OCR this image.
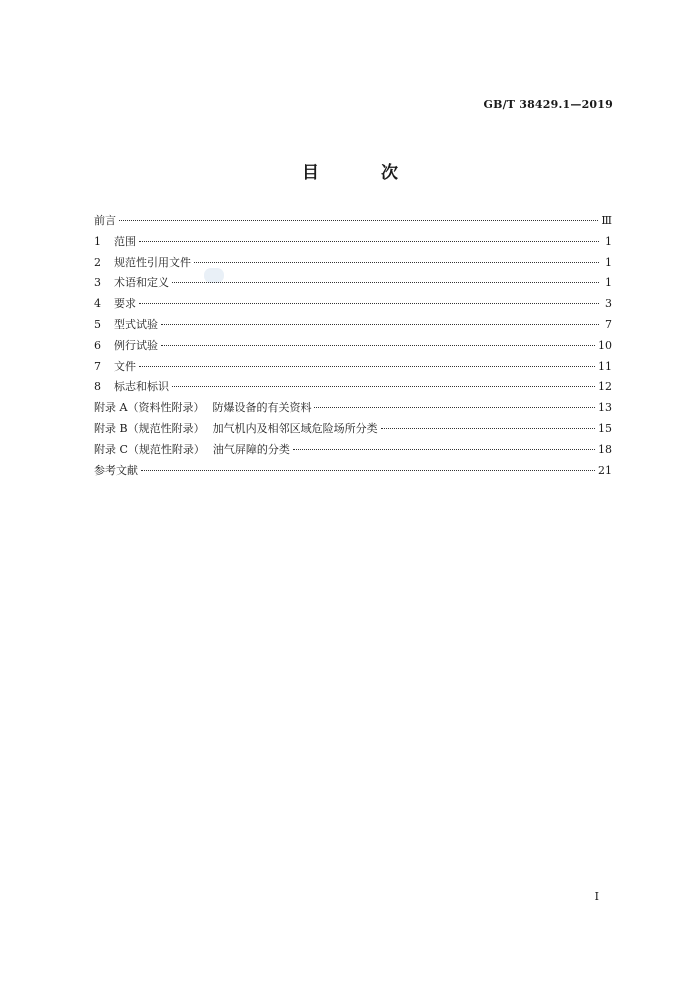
GB/T 38429.1—2019
目 次
前言	Ⅲ
1	范围	1
2	规范性引用文件	1
3	术语和定义	1
4	要求	3
5	型式试验	7
6	例行试验	10
7	文件	11
8	标志和标识	12
附录 A（资料性附录） 防爆设备的有关资料	13
附录 B（规范性附录） 加气机内及相邻区域危险场所分类	15
附录 C（规范性附录） 油气屏障的分类	18
参考文献	21
I
